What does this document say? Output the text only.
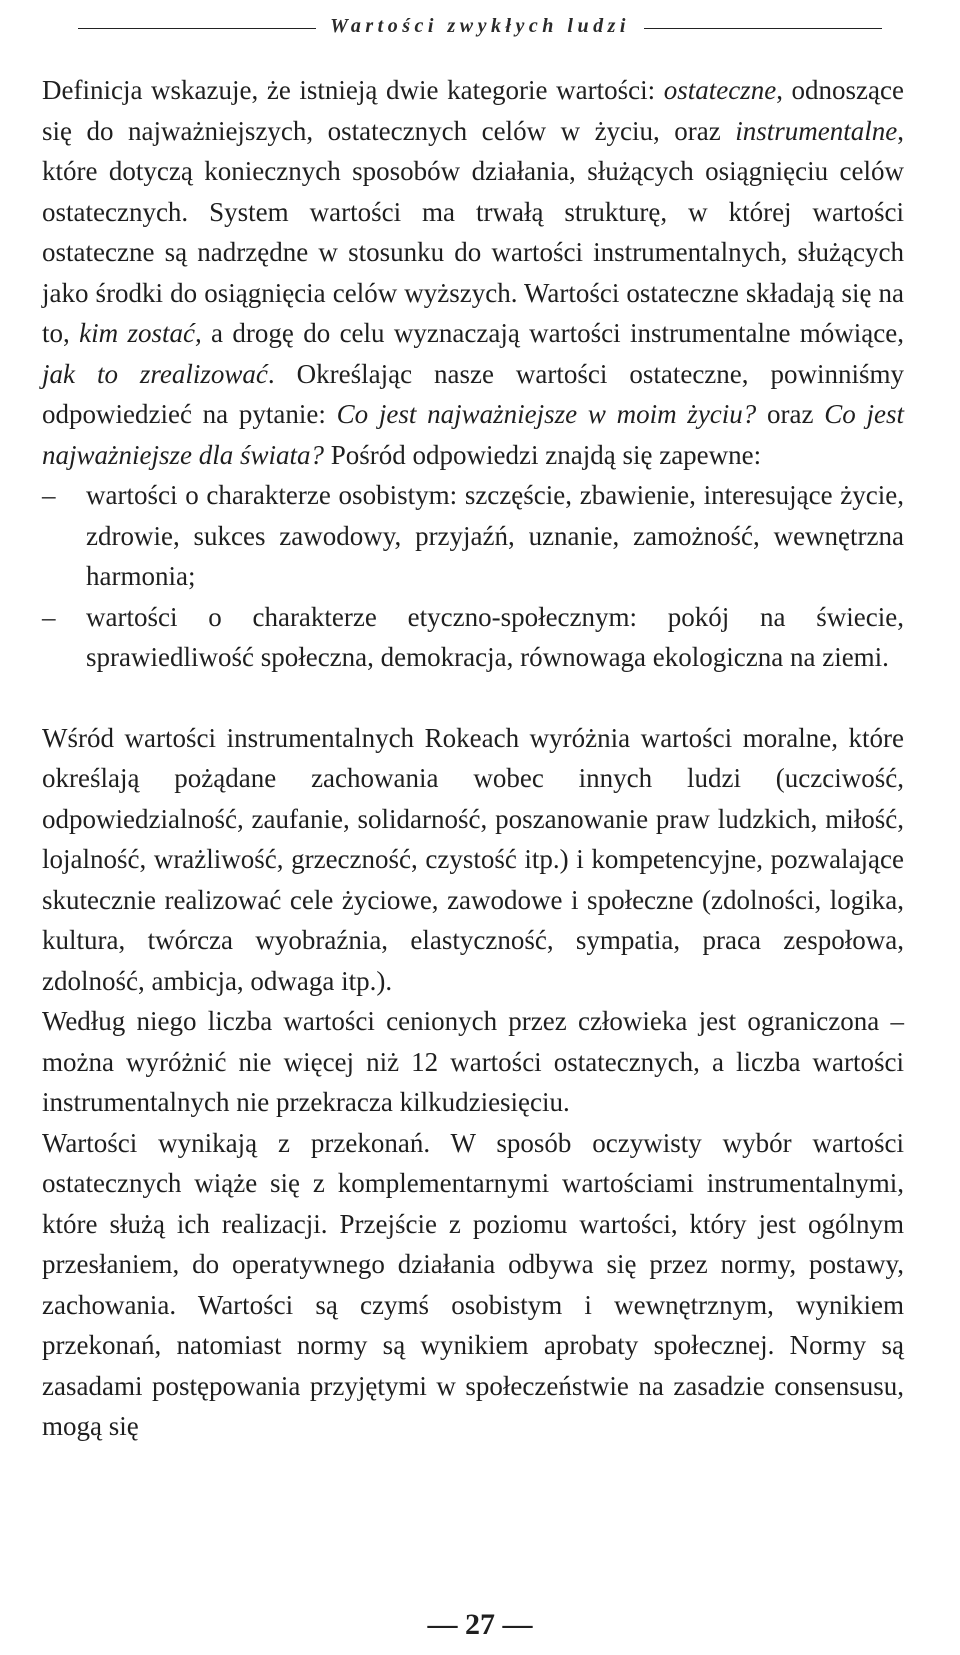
Wartości zwykłych ludzi

Definicja wskazuje, że istnieją dwie kategorie wartości: ostateczne, odnoszące się do najważniejszych, ostatecznych celów w życiu, oraz instrumentalne, które dotyczą koniecznych sposobów działania, służących osiągnięciu celów ostatecznych. System wartości ma trwałą strukturę, w której wartości ostateczne są nadrzędne w stosunku do wartości instrumentalnych, służących jako środki do osiągnięcia celów wyższych. Wartości ostateczne składają się na to, kim zostać, a drogę do celu wyznaczają wartości instrumentalne mówiące, jak to zrealizować. Określając nasze wartości ostateczne, powinniśmy odpowiedzieć na pytanie: Co jest najważniejsze w moim życiu? oraz Co jest najważniejsze dla świata? Pośród odpowiedzi znajdą się zapewne:

– wartości o charakterze osobistym: szczęście, zbawienie, interesujące życie, zdrowie, sukces zawodowy, przyjaźń, uznanie, zamożność, wewnętrzna harmonia;
– wartości o charakterze etyczno-społecznym: pokój na świecie, sprawiedliwość społeczna, demokracja, równowaga ekologiczna na ziemi.

Wśród wartości instrumentalnych Rokeach wyróżnia wartości moralne, które określają pożądane zachowania wobec innych ludzi (uczciwość, odpowiedzialność, zaufanie, solidarność, poszanowanie praw ludzkich, miłość, lojalność, wrażliwość, grzeczność, czystość itp.) i kompetencyjne, pozwalające skutecznie realizować cele życiowe, zawodowe i społeczne (zdolności, logika, kultura, twórcza wyobraźnia, elastyczność, sympatia, praca zespołowa, zdolność, ambicja, odwaga itp.).

Według niego liczba wartości cenionych przez człowieka jest ograniczona – można wyróżnić nie więcej niż 12 wartości ostatecznych, a liczba wartości instrumentalnych nie przekracza kilkudziesięciu.

Wartości wynikają z przekonań. W sposób oczywisty wybór wartości ostatecznych wiąże się z komplementarnymi wartościami instrumentalnymi, które służą ich realizacji. Przejście z poziomu wartości, który jest ogólnym przesłaniem, do operatywnego działania odbywa się przez normy, postawy, zachowania. Wartości są czymś osobistym i wewnętrznym, wynikiem przekonań, natomiast normy są wynikiem aprobaty społecznej. Normy są zasadami postępowania przyjętymi w społeczeństwie na zasadzie consensusu, mogą się

— 27 —
